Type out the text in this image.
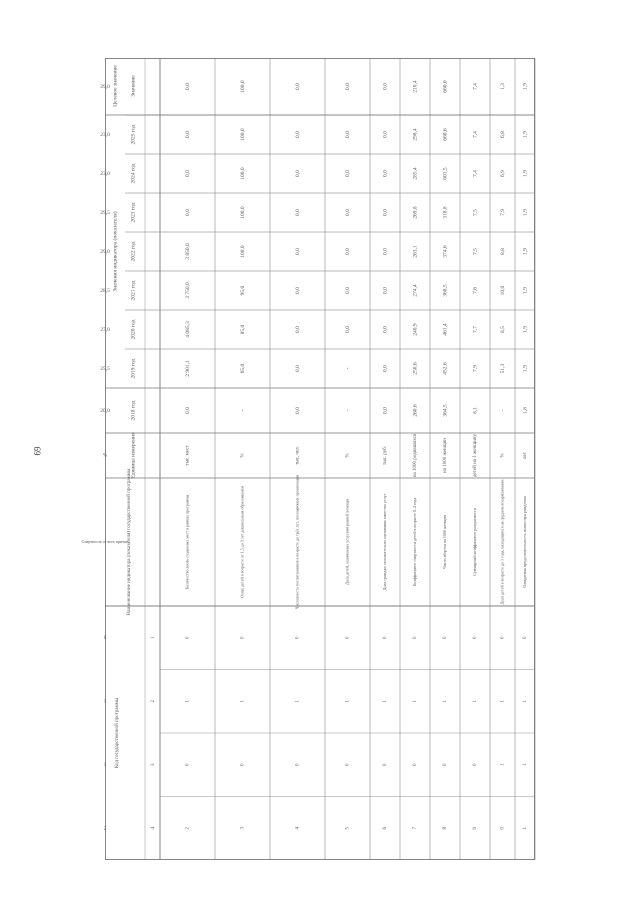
69
Целевое значение Значение
Значения индикатора (показателя)
2019 год
2020 год
2021 год
2022 год
2023 год
2024 год
2025 год
2018 год
Единица измерения
Наименование индикатора (показателя) государственной программы
Код государственной программы
1
2
3
4
0,0
2 901,1
4 085,3
3 750,0
3 850,0
0,0
0,0
0,0
0,0
тыс. мест
Количество вновь созданных мест в рамках программы
0
1
0
2
100,0
65,0
85,0
95,0
100,0
100,0
100,0
100,0
-
%
Охват детей в возрасте от 1,5 до 3 лет дошкольным образованием
0
1
0
3
0,0
0,0
0,0
0,0
0,0
0,0
0,0
0,0
0,0
тыс. чел.
Численность воспитанников в возрасте до трёх лет, посещающих организации
0
1
0
4
0,0
-
0,0
0,0
0,0
0,0
0,0
0,0
-
%
Доля детей, охваченных услугами ранней помощи
0
1
0
5
0,0
0,0
0,0
0,0
0,0
0,0
0,0
0,0
0,0
тыс. руб.
Доля граждан, положительно оценивших качество услуг
0
1
0
6
210,4
250,6
240,9
274,4
263,1
269,8
285,4
298,4
260,6
на 1000 родившихся
Коэффициент смертности детей в возрасте 0–4 года
0
1
0
7
660,0
452,6
461,4
368,5
374,6
318,8
601,5
660,6
364,5
на 1000 женщин
Число абортов на 1000 женщин
0
1
0
8
7,4
7,9
7,7
7,6
7,5
7,5
7,4
7,4
8,1
детей на 1 женщину
Суммарный коэффициент рождаемости
0
1
0
9
1,3
51,3
8,5
10,0
8,8
7,9
6,9
6,8
-
%
Доля детей в возрасте до 1 года, находящихся на грудном вскармливании
0
1
1
0
1,9
1,9
1,9
1,9
1,9
1,9
1,9
1,9
1,8
лет
Ожидаемая продолжительность жизни при рождении
0
1
1
1
29,0
25,5
27,0
28,5
29,0
29,5
23,0
23,0
20,0
%
Смертность от всех причин
0
1
1
2
